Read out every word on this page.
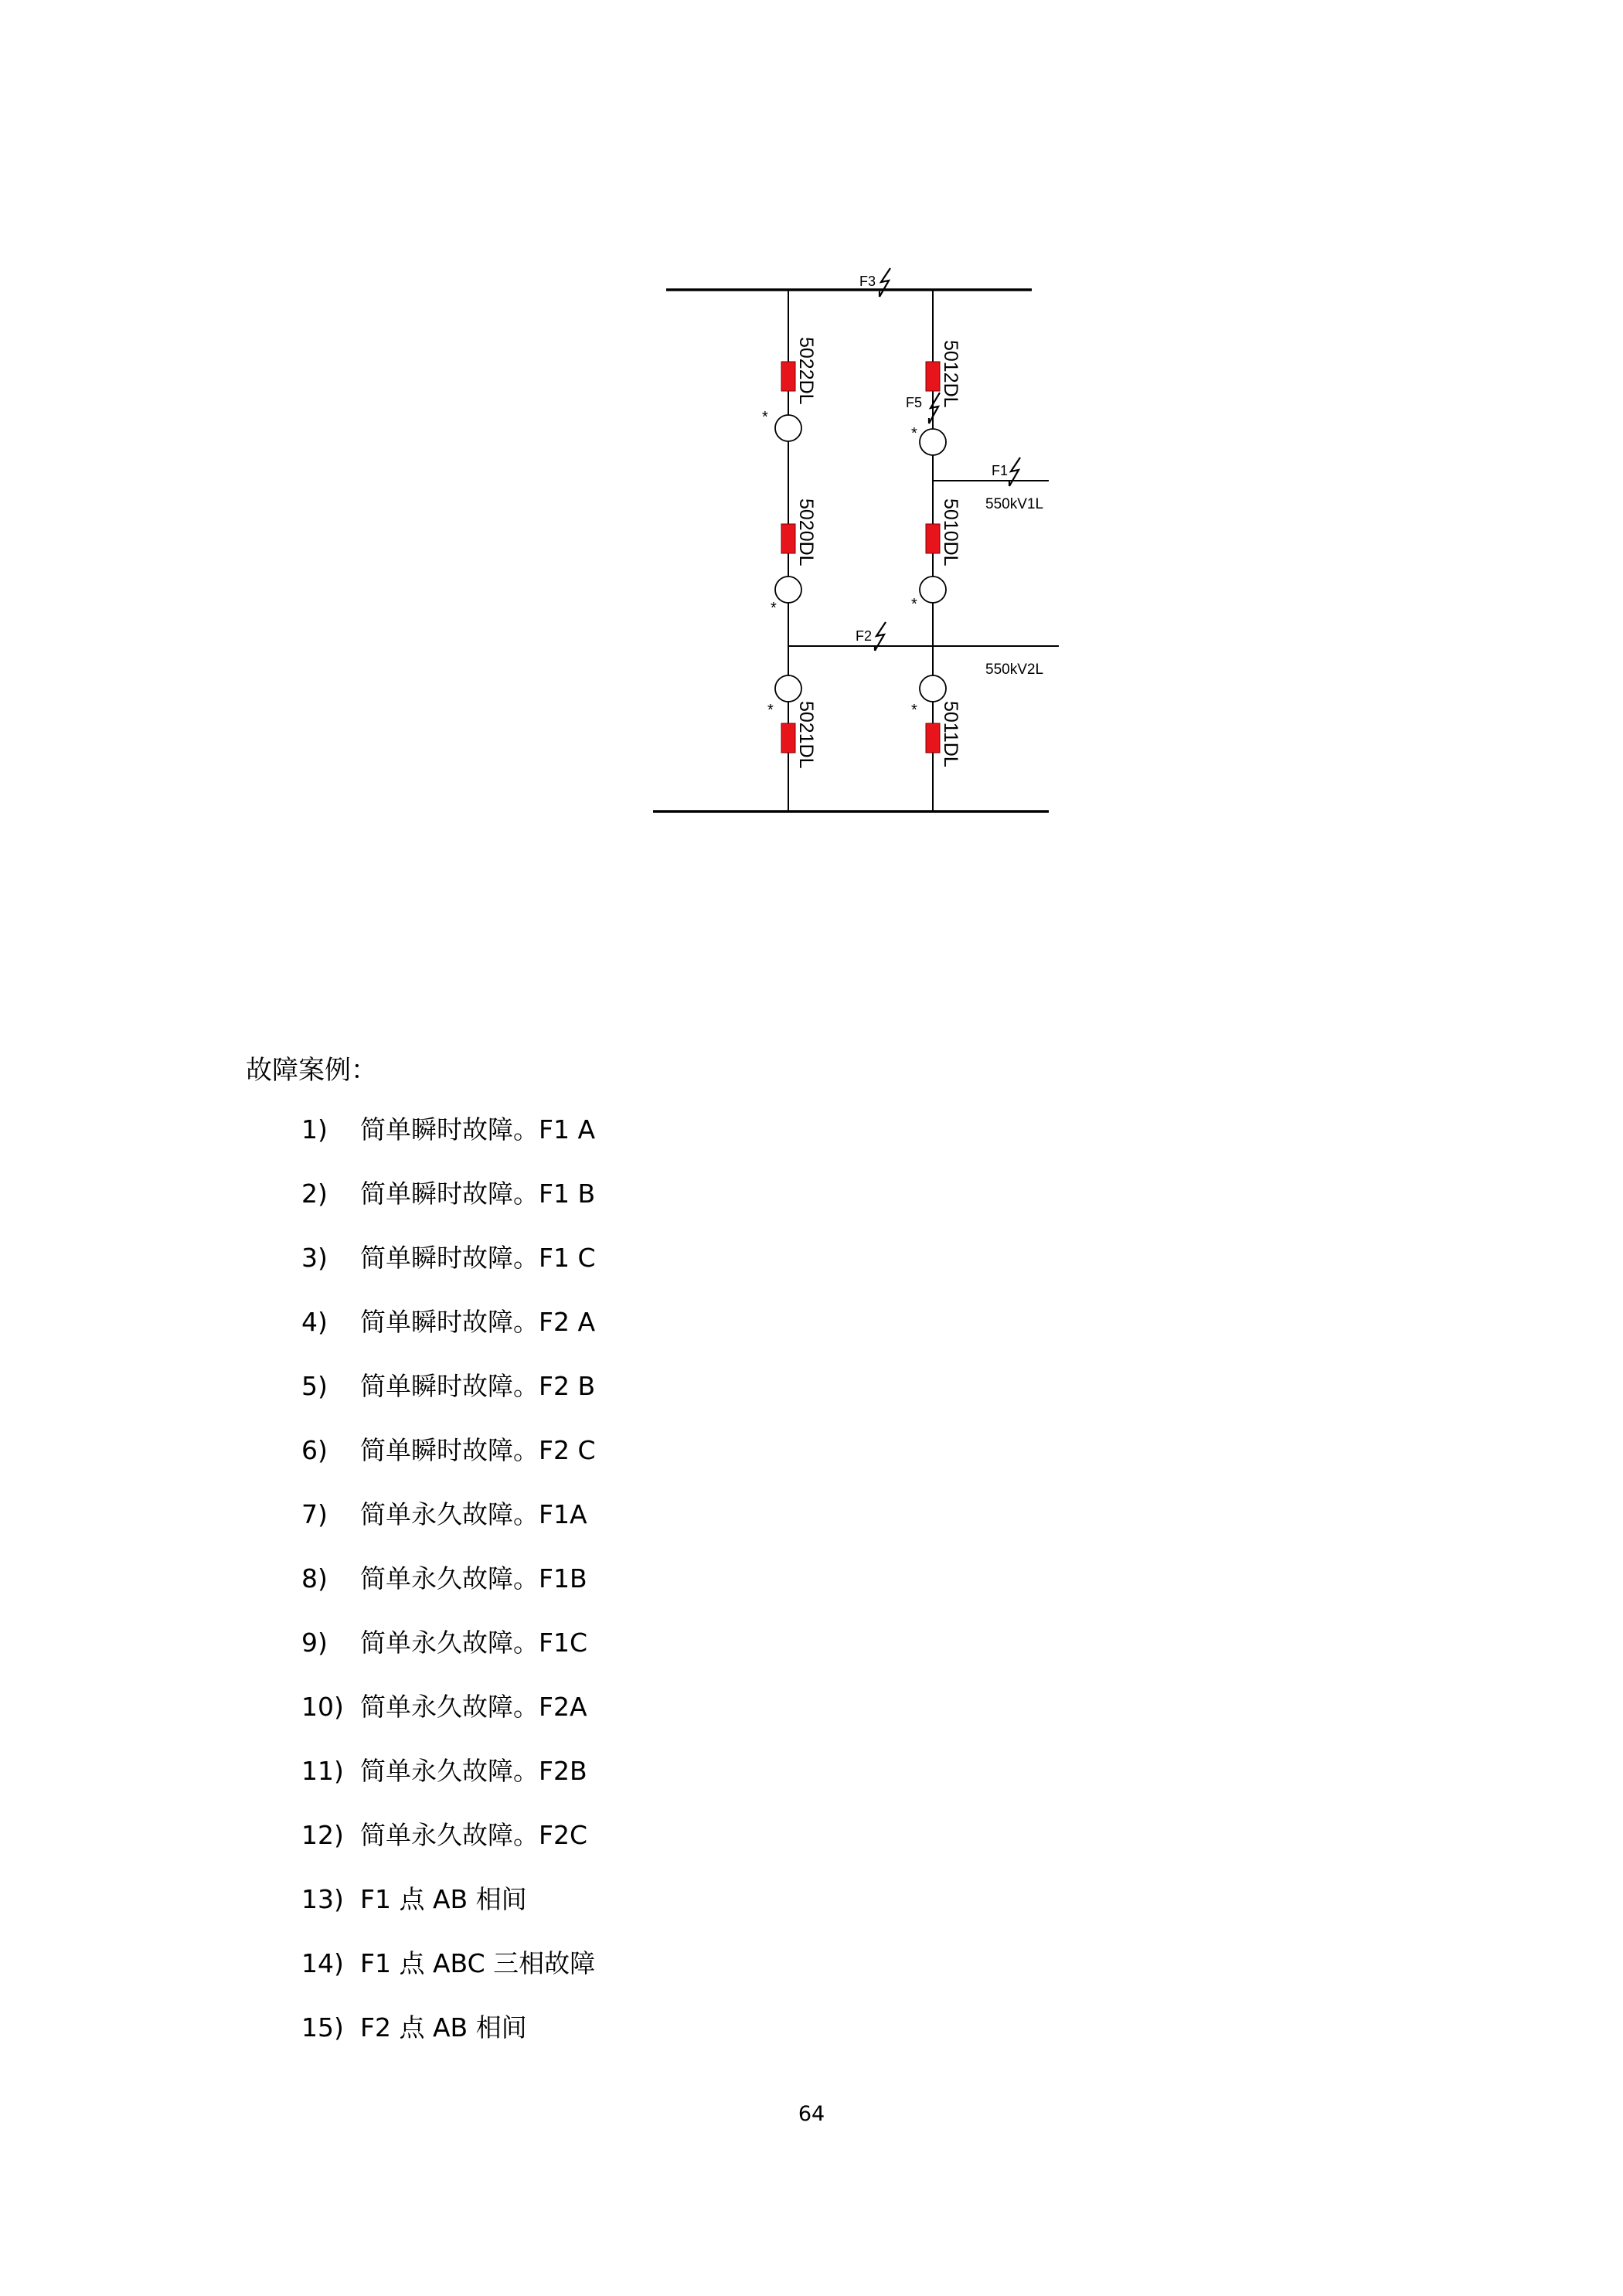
*
*
*
*
*
*
5022DL
5020DL
5021DL
5012DL
5010DL
5011DL
550kV1L
550kV2L
F3
F5
F1
F2
故障案例：
1) 简单瞬时故障。F1 A
2) 简单瞬时故障。F1 B
3) 简单瞬时故障。F1 C
4) 简单瞬时故障。F2 A
5) 简单瞬时故障。F2 B
6) 简单瞬时故障。F2 C
7) 简单永久故障。F1A
8) 简单永久故障。F1B
9) 简单永久故障。F1C
10) 简单永久故障。F2A
11) 简单永久故障。F2B
12) 简单永久故障。F2C
13) F1 点 AB 相间
14) F1 点 ABC 三相故障
15) F2 点 AB 相间
64
